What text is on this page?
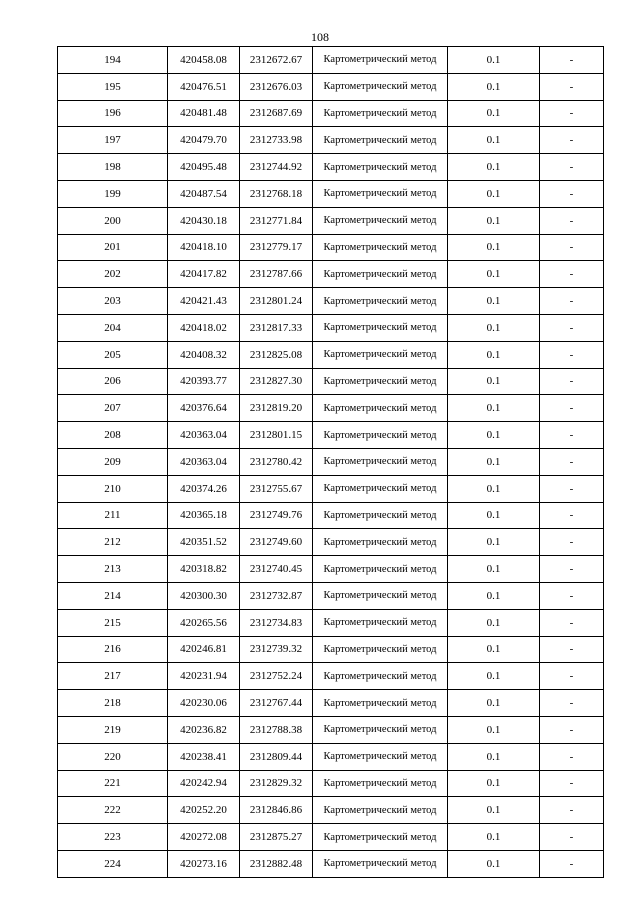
108
194	420458.08	2312672.67	Картометрический метод	0.1	-
195	420476.51	2312676.03	Картометрический метод	0.1	-
196	420481.48	2312687.69	Картометрический метод	0.1	-
197	420479.70	2312733.98	Картометрический метод	0.1	-
198	420495.48	2312744.92	Картометрический метод	0.1	-
199	420487.54	2312768.18	Картометрический метод	0.1	-
200	420430.18	2312771.84	Картометрический метод	0.1	-
201	420418.10	2312779.17	Картометрический метод	0.1	-
202	420417.82	2312787.66	Картометрический метод	0.1	-
203	420421.43	2312801.24	Картометрический метод	0.1	-
204	420418.02	2312817.33	Картометрический метод	0.1	-
205	420408.32	2312825.08	Картометрический метод	0.1	-
206	420393.77	2312827.30	Картометрический метод	0.1	-
207	420376.64	2312819.20	Картометрический метод	0.1	-
208	420363.04	2312801.15	Картометрический метод	0.1	-
209	420363.04	2312780.42	Картометрический метод	0.1	-
210	420374.26	2312755.67	Картометрический метод	0.1	-
211	420365.18	2312749.76	Картометрический метод	0.1	-
212	420351.52	2312749.60	Картометрический метод	0.1	-
213	420318.82	2312740.45	Картометрический метод	0.1	-
214	420300.30	2312732.87	Картометрический метод	0.1	-
215	420265.56	2312734.83	Картометрический метод	0.1	-
216	420246.81	2312739.32	Картометрический метод	0.1	-
217	420231.94	2312752.24	Картометрический метод	0.1	-
218	420230.06	2312767.44	Картометрический метод	0.1	-
219	420236.82	2312788.38	Картометрический метод	0.1	-
220	420238.41	2312809.44	Картометрический метод	0.1	-
221	420242.94	2312829.32	Картометрический метод	0.1	-
222	420252.20	2312846.86	Картометрический метод	0.1	-
223	420272.08	2312875.27	Картометрический метод	0.1	-
224	420273.16	2312882.48	Картометрический метод	0.1	-
